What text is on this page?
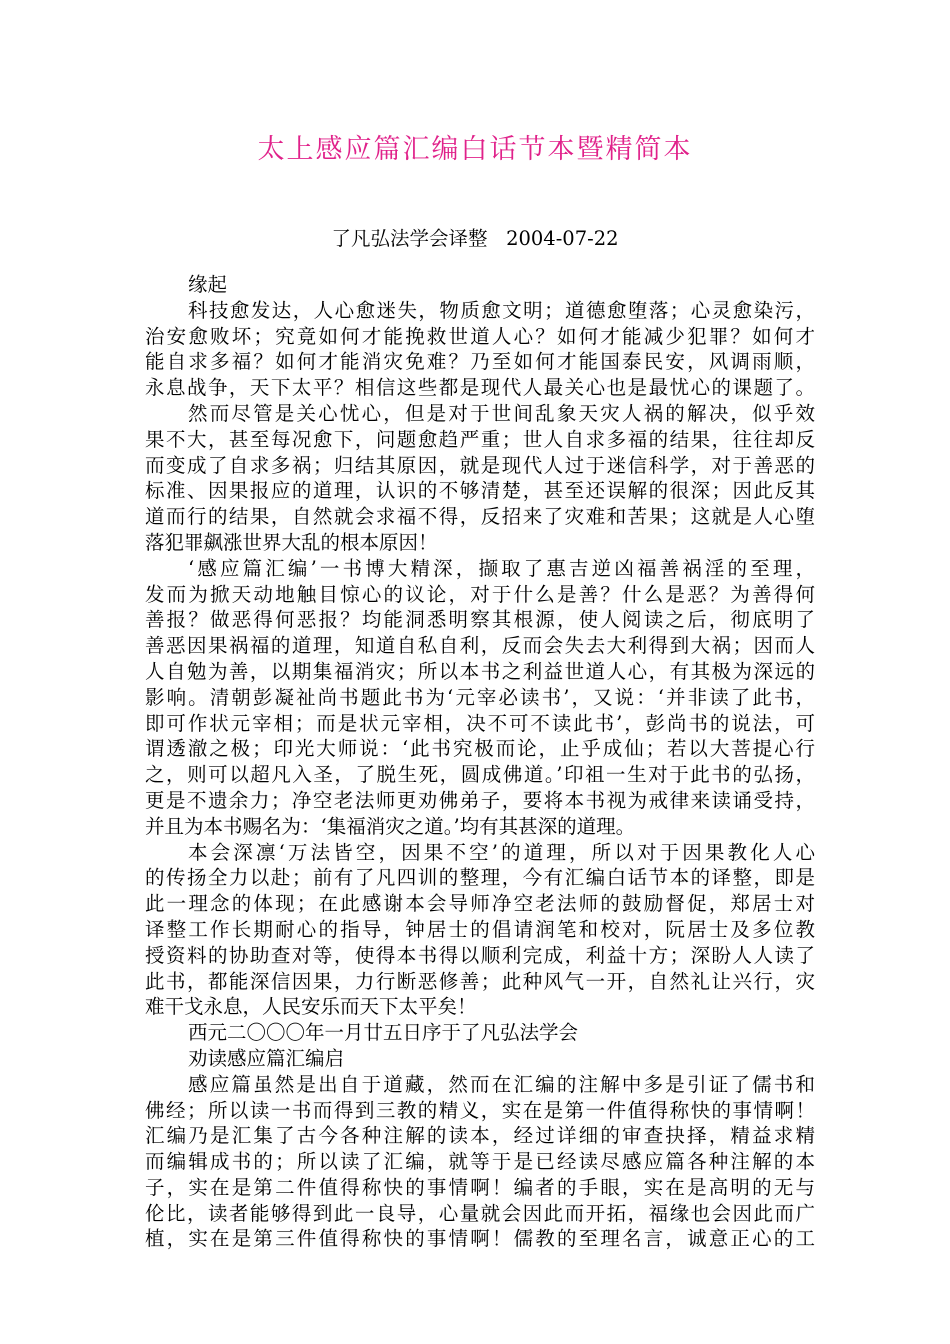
太上感应篇汇编白话节本暨精简本

了凡弘法学会译整   2004-07-22

缘起
科技愈发达，人心愈迷失，物质愈文明；道德愈堕落；心灵愈染污，
治安愈败坏；究竟如何才能挽救世道人心？如何才能减少犯罪？如何才
能自求多福？如何才能消灾免难？乃至如何才能国泰民安，风调雨顺，
永息战争，天下太平？相信这些都是现代人最关心也是最忧心的课题了。
然而尽管是关心忧心，但是对于世间乱象天灾人祸的解决，似乎效
果不大，甚至每况愈下，问题愈趋严重；世人自求多福的结果，往往却反
而变成了自求多祸；归结其原因，就是现代人过于迷信科学，对于善恶的
标准、因果报应的道理，认识的不够清楚，甚至还误解的很深；因此反其
道而行的结果，自然就会求福不得，反招来了灾难和苦果；这就是人心堕
落犯罪飙涨世界大乱的根本原因！
‘感应篇汇编’一书博大精深，撷取了惠吉逆凶福善祸淫的至理，
发而为掀天动地触目惊心的议论，对于什么是善？什么是恶？为善得何
善报？做恶得何恶报？均能洞悉明察其根源，使人阅读之后，彻底明了
善恶因果祸福的道理，知道自私自利，反而会失去大利得到大祸；因而人
人自勉为善，以期集福消灾；所以本书之利益世道人心，有其极为深远的
影响。清朝彭凝祉尚书题此书为‘元宰必读书’，又说：‘并非读了此书，
即可作状元宰相；而是状元宰相，决不可不读此书’，彭尚书的说法，可
谓透澈之极；印光大师说：‘此书究极而论，止乎成仙；若以大菩提心行
之，则可以超凡入圣，了脱生死，圆成佛道。’印祖一生对于此书的弘扬，
更是不遗余力；净空老法师更劝佛弟子，要将本书视为戒律来读诵受持，
并且为本书赐名为：‘集福消灾之道。’均有其甚深的道理。
本会深凛‘万法皆空，因果不空’的道理，所以对于因果教化人心
的传扬全力以赴；前有了凡四训的整理，今有汇编白话节本的译整，即是
此一理念的体现；在此感谢本会导师净空老法师的鼓励督促，郑居士对
译整工作长期耐心的指导，钟居士的倡请润笔和校对，阮居士及多位教
授资料的协助查对等，使得本书得以顺利完成，利益十方；深盼人人读了
此书，都能深信因果，力行断恶修善；此种风气一开，自然礼让兴行，灾
难干戈永息，人民安乐而天下太平矣！
西元二〇〇〇年一月廿五日序于了凡弘法学会
劝读感应篇汇编启
感应篇虽然是出自于道藏，然而在汇编的注解中多是引证了儒书和
佛经；所以读一书而得到三教的精义，实在是第一件值得称快的事情啊！
汇编乃是汇集了古今各种注解的读本，经过详细的审查抉择，精益求精
而编辑成书的；所以读了汇编，就等于是已经读尽感应篇各种注解的本
子，实在是第二件值得称快的事情啊！编者的手眼，实在是高明的无与
伦比，读者能够得到此一良导，心量就会因此而开拓，福缘也会因此而广
植，实在是第三件值得称快的事情啊！儒教的至理名言，诚意正心的工
